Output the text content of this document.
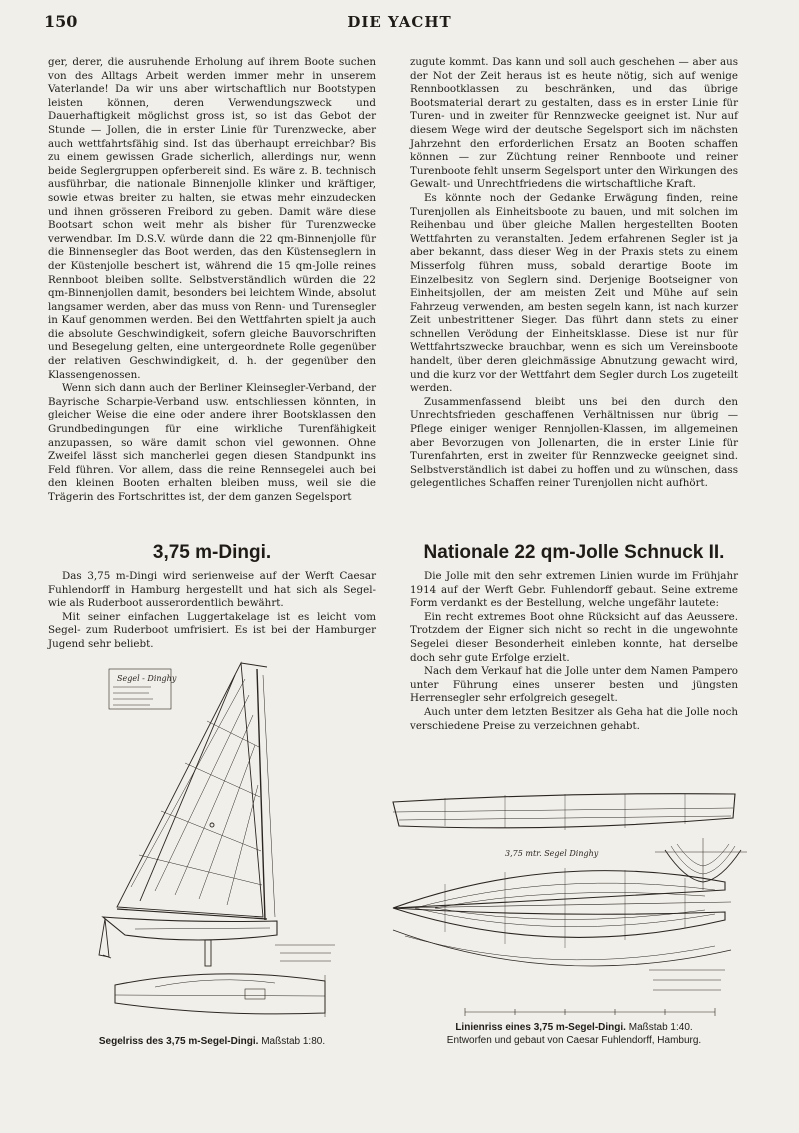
150	DIE YACHT

ger, derer, die ausruhende Erholung auf ihrem Boote suchen von des Alltags Arbeit werden immer mehr in unserem Vaterlande! Da wir uns aber wirtschaftlich nur Bootstypen leisten können, deren Verwendungszweck und Dauerhaftigkeit möglichst gross ist, so ist das Gebot der Stunde — Jollen, die in erster Linie für Turenzwecke, aber auch wettfahrtsfähig sind. Ist das überhaupt erreichbar? Bis zu einem gewissen Grade sicherlich, allerdings nur, wenn beide Seglergruppen opferbereit sind. Es wäre z. B. technisch ausführbar, die nationale Binnenjolle klinker und kräftiger, sowie etwas breiter zu halten, sie etwas mehr einzudecken und ihnen grösseren Freibord zu geben. Damit wäre diese Bootsart schon weit mehr als bisher für Turenzwecke verwendbar. Im D.S.V. würde dann die 22 qm-Binnenjolle für die Binnensegler das Boot werden, das den Küstenseglern in der Küstenjolle beschert ist, während die 15 qm-Jolle reines Rennboot bleiben sollte. Selbstverständlich würden die 22 qm-Binnenjollen damit, besonders bei leichtem Winde, absolut langsamer werden, aber das muss von Renn- und Turensegler in Kauf genommen werden. Bei den Wettfahrten spielt ja auch die absolute Geschwindigkeit, sofern gleiche Bauvorschriften und Besegelung gelten, eine untergeordnete Rolle gegenüber der relativen Geschwindigkeit, d. h. der gegenüber den Klassengenossen.

Wenn sich dann auch der Berliner Kleinsegler-Verband, der Bayrische Scharpie-Verband usw. entschliessen könnten, in gleicher Weise die eine oder andere ihrer Bootsklassen den Grundbedingungen für eine wirkliche Turenfähigkeit anzupassen, so wäre damit schon viel gewonnen. Ohne Zweifel lässt sich mancherlei gegen diesen Standpunkt ins Feld führen. Vor allem, dass die reine Rennsegelei auch bei den kleinen Booten erhalten bleiben muss, weil sie die Trägerin des Fortschrittes ist, der dem ganzen Segelsport

zugute kommt. Das kann und soll auch geschehen — aber aus der Not der Zeit heraus ist es heute nötig, sich auf wenige Rennbootklassen zu beschränken, und das übrige Bootsmaterial derart zu gestalten, dass es in erster Linie für Turen- und in zweiter für Rennzwecke geeignet ist. Nur auf diesem Wege wird der deutsche Segelsport sich im nächsten Jahrzehnt den erforderlichen Ersatz an Booten schaffen können — zur Züchtung reiner Rennboote und reiner Turenboote fehlt unserm Segelsport unter den Wirkungen des Gewalt- und Unrechtfriedens die wirtschaftliche Kraft.

Es könnte noch der Gedanke Erwägung finden, reine Turenjollen als Einheitsboote zu bauen, und mit solchen im Reihenbau und über gleiche Mallen hergestellten Booten Wettfahrten zu veranstalten. Jedem erfahrenen Segler ist ja aber bekannt, dass dieser Weg in der Praxis stets zu einem Misserfolg führen muss, sobald derartige Boote im Einzelbesitz von Seglern sind. Derjenige Bootseigner von Einheitsjollen, der am meisten Zeit und Mühe auf sein Fahrzeug verwenden, am besten segeln kann, ist nach kurzer Zeit unbestrittener Sieger. Das führt dann stets zu einer schnellen Verödung der Einheitsklasse. Diese ist nur für Wettfahrtszwecke brauchbar, wenn es sich um Vereinsboote handelt, über deren gleichmässige Abnutzung gewacht wird, und die kurz vor der Wettfahrt dem Segler durch Los zugeteilt werden.

Zusammenfassend bleibt uns bei den durch den Unrechtsfrieden geschaffenen Verhältnissen nur übrig — Pflege einiger weniger Rennjollen-Klassen, im allgemeinen aber Bevorzugen von Jollenarten, die in erster Linie für Turenfahrten, erst in zweiter für Rennzwecke geeignet sind. Selbstverständlich ist dabei zu hoffen und zu wünschen, dass gelegentliches Schaffen reiner Turenjollen nicht aufhört.

3,75 m-Dingi.

Das 3,75 m-Dingi wird serienweise auf der Werft Caesar Fuhlendorff in Hamburg hergestellt und hat sich als Segel- wie als Ruderboot ausserordentlich bewährt.

Mit seiner einfachen Luggertakelage ist es leicht vom Segel- zum Ruderboot umfrisiert. Es ist bei der Hamburger Jugend sehr beliebt.

Nationale 22 qm-Jolle Schnuck II.

Die Jolle mit den sehr extremen Linien wurde im Frühjahr 1914 auf der Werft Gebr. Fuhlendorff gebaut. Seine extreme Form verdankt es der Bestellung, welche ungefähr lautete:

Ein recht extremes Boot ohne Rücksicht auf das Aeussere. Trotzdem der Eigner sich nicht so recht in die ungewohnte Segelei dieser Besonderheit einleben konnte, hat derselbe doch sehr gute Erfolge erzielt.

Nach dem Verkauf hat die Jolle unter dem Namen Pampero unter Führung eines unserer besten und jüngsten Herrensegler sehr erfolgreich gesegelt.

Auch unter dem letzten Besitzer als Geha hat die Jolle noch verschiedene Preise zu verzeichnen gehabt.

Segel - Dinghy
Segelriss des 3,75 m-Segel-Dingi. Maßstab 1:80.
3,75 mtr. Segel Dinghy
Linienriss eines 3,75 m-Segel-Dingi. Maßstab 1:40.
Entworfen und gebaut von Caesar Fuhlendorff, Hamburg.
